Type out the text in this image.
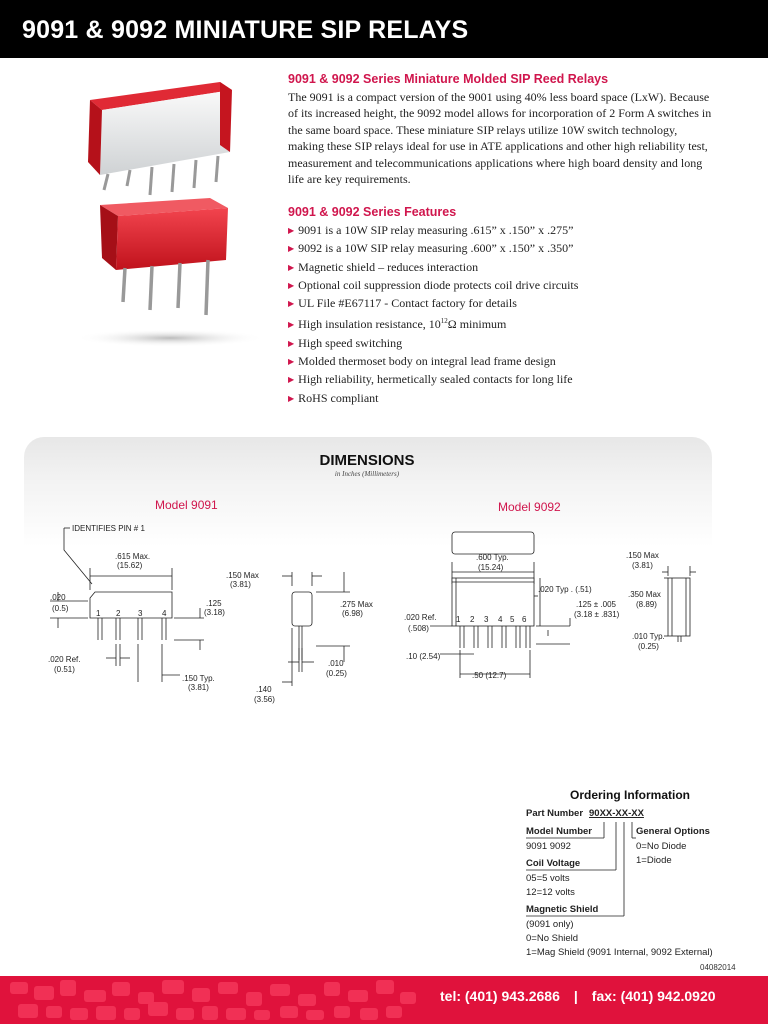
9091 & 9092 MINIATURE SIP RELAYS
9091 & 9092 Series Miniature Molded SIP Reed Relays

The 9091 is a compact version of the 9001 using 40% less board space (LxW). Because of its increased height, the 9092 model allows for incorporation of 2 Form A switches in the same board space. These miniature SIP relays utilize 10W switch technology, making these SIP relays ideal for use in ATE applications and other high reliability test, measurement and telecommunications applications where high board density and long life are key requirements.

9091 & 9092 Series Features
▶ 9091 is a 10W SIP relay measuring .615” x .150” x .275”
▶ 9092 is a 10W SIP relay measuring .600” x .150” x .350”
▶ Magnetic shield – reduces interaction
▶ Optional coil suppression diode protects coil drive circuits
▶ UL File #E67117 - Contact factory for details
▶ High insulation resistance, $10^{12}\Omega$ minimum
▶ High speed switching
▶ Molded thermoset body on integral lead frame design
▶ High reliability, hermetically sealed contacts for long life
▶ RoHS compliant
DIMENSIONS
in Inches (Millimeters)
Model 9091	Model 9092
IDENTIFIES PIN # 1
.615 Max.
(15.62)
.020
(0.5)
1 2 3 4
.125
(3.18)
.020 Ref.
(0.51)
.150 Typ.
(3.81)
.150 Max
(3.81)
.275 Max
(6.98)
.010
(0.25)
.140
(3.56)
.600 Typ.
(15.24)
.020 Typ . (.51)
.125 ± .005
(3.18 ± .831)
.020 Ref.
(.508)
1 2 3 4 5 6
.10 (2.54)
.50 (12.7)
.150 Max
(3.81)
.350 Max
(8.89)
.010 Typ.
(0.25)
Ordering Information
Part Number 90XX-XX-XX
Model Number
9091 9092
Coil Voltage
05=5 volts
12=12 volts
Magnetic Shield
(9091 only)
0=No Shield
1=Mag Shield (9091 Internal, 9092 External)
General Options
0=No Diode
1=Diode
04082014
tel: (401) 943.2686 | fax: (401) 942.0920
